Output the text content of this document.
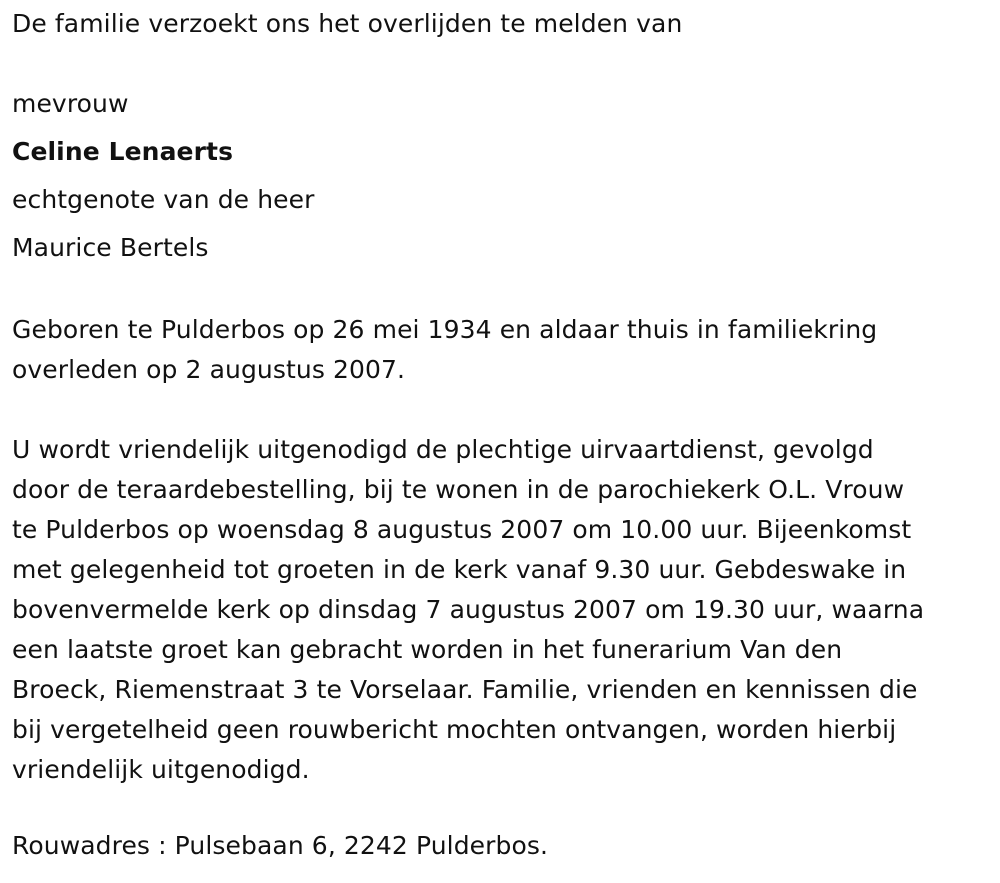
De familie verzoekt ons het overlijden te melden van
mevrouw
Celine Lenaerts
echtgenote van de heer
Maurice Bertels
Geboren te Pulderbos op 26 mei 1934 en aldaar thuis in familiekring
overleden op 2 augustus 2007.
U wordt vriendelijk uitgenodigd de plechtige uirvaartdienst, gevolgd
door de teraardebestelling, bij te wonen in de parochiekerk O.L. Vrouw
te Pulderbos op woensdag 8 augustus 2007 om 10.00 uur. Bijeenkomst
met gelegenheid tot groeten in de kerk vanaf 9.30 uur. Gebdeswake in
bovenvermelde kerk op dinsdag 7 augustus 2007 om 19.30 uur, waarna
een laatste groet kan gebracht worden in het funerarium Van den
Broeck, Riemenstraat 3 te Vorselaar. Familie, vrienden en kennissen die
bij vergetelheid geen rouwbericht mochten ontvangen, worden hierbij
vriendelijk uitgenodigd.
Rouwadres : Pulsebaan 6, 2242 Pulderbos.
